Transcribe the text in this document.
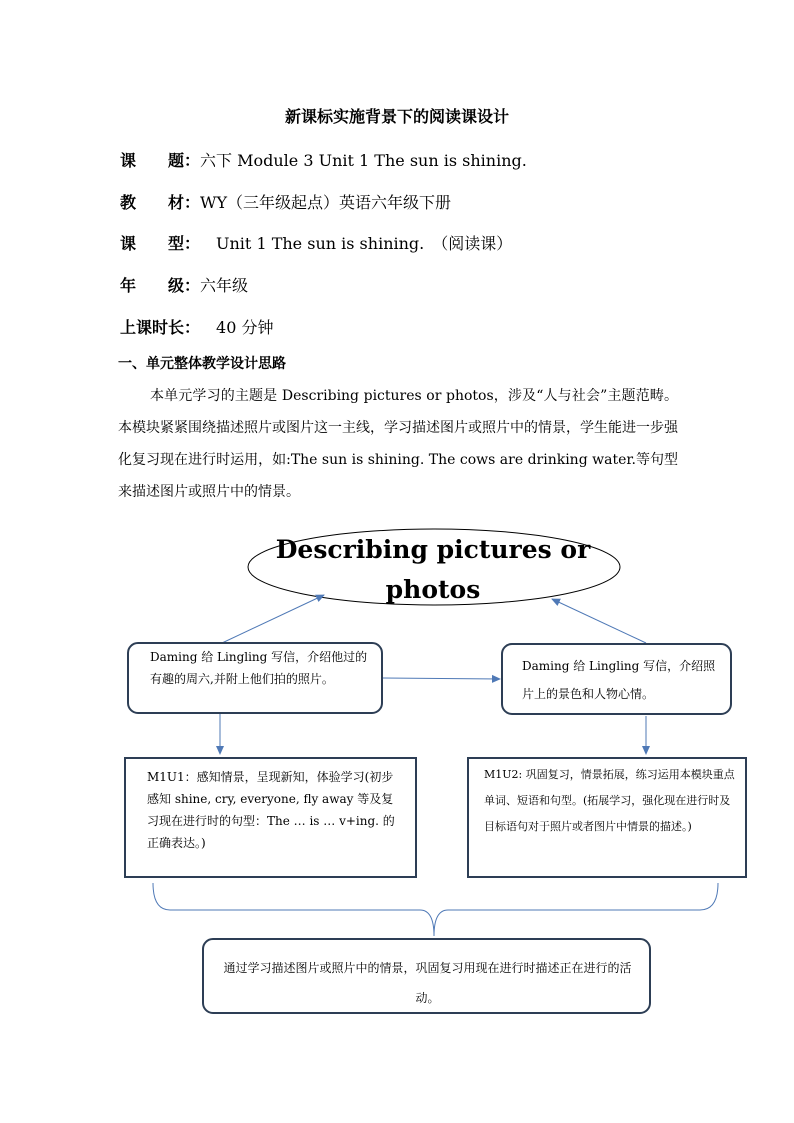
新课标实施背景下的阅读课设计
课　　题：六下 Module 3 Unit 1 The sun is shining.
教　　材：WY（三年级起点）英语六年级下册
课　　型：　Unit 1 The sun is shining.　（阅读课）
年　　级：六年级
上课时长：　40 分钟
一、单元整体教学设计思路
本单元学习的主题是 Describing pictures or photos，涉及“人与社会”主题范畴。本模块紧紧围绕描述照片或图片这一主线，学习描述图片或照片中的情景，学生能进一步强化复习现在进行时运用，如:The sun is shining. The cows are drinking water.等句型来描述图片或照片中的情景。
Describing pictures or
photos
Daming 给 Lingling 写信，介绍他过的有趣的周六,并附上他们拍的照片。
Daming 给 Lingling 写信，介绍照片上的景色和人物心情。
M1U1：感知情景，呈现新知，体验学习(初步感知 shine, cry, everyone, fly away 等及复习现在进行时的句型：The … is … v+ing. 的正确表达。)
M1U2: 巩固复习，情景拓展，练习运用本模块重点单词、短语和句型。(拓展学习，强化现在进行时及目标语句对于照片或者图片中情景的描述。)
通过学习描述图片或照片中的情景，巩固复习用现在进行时描述正在进行的活动。
